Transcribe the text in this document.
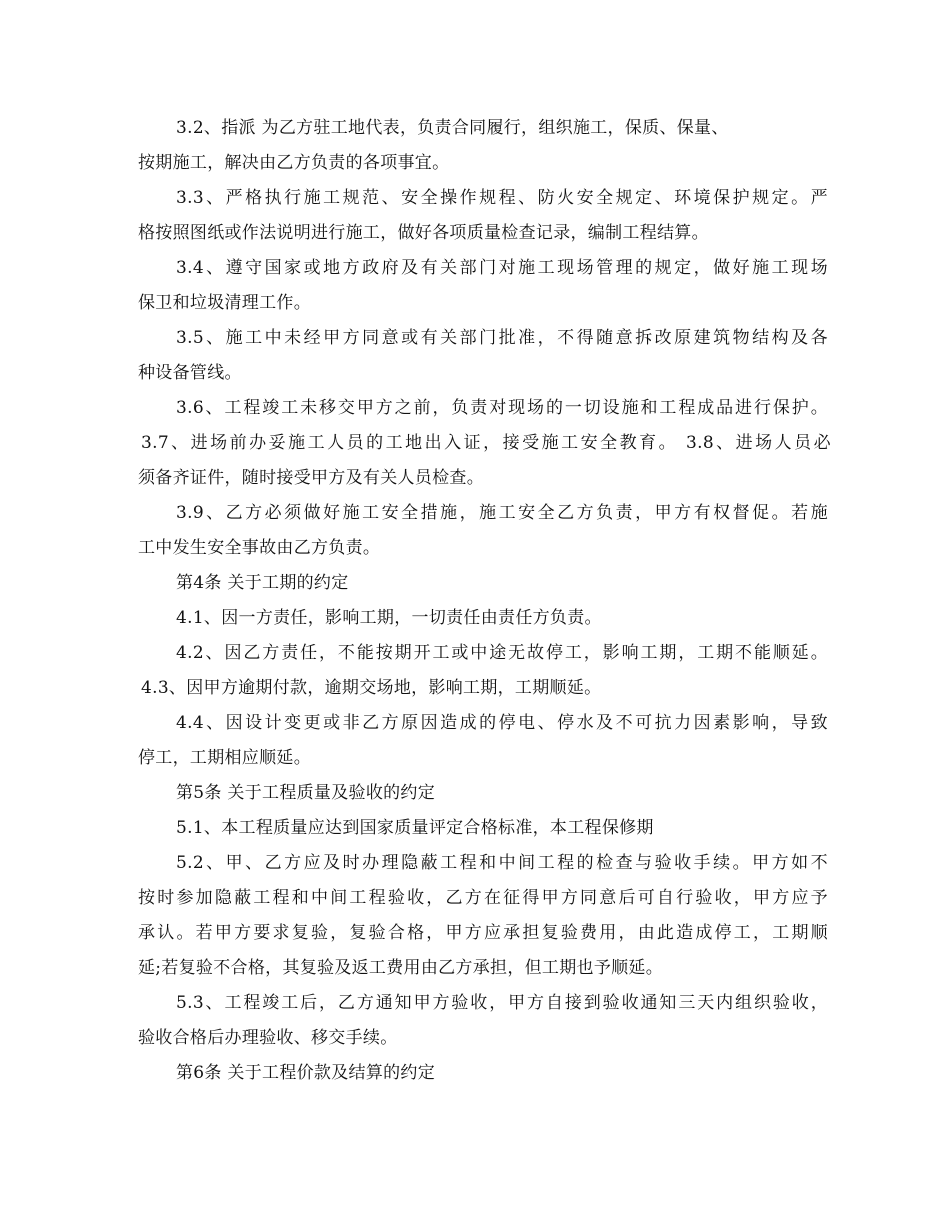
3.2、指派 为乙方驻工地代表，负责合同履行，组织施工，保质、保量、
按期施工，解决由乙方负责的各项事宜。
3.3、严格执行施工规范、安全操作规程、防火安全规定、环境保护规定。严
格按照图纸或作法说明进行施工，做好各项质量检查记录，编制工程结算。
3.4、遵守国家或地方政府及有关部门对施工现场管理的规定，做好施工现场
保卫和垃圾清理工作。
3.5、施工中未经甲方同意或有关部门批准，不得随意拆改原建筑物结构及各
种设备管线。
3.6、工程竣工未移交甲方之前，负责对现场的一切设施和工程成品进行保护。
3.7、进场前办妥施工人员的工地出入证，接受施工安全教育。 3.8、进场人员必
须备齐证件，随时接受甲方及有关人员检查。
3.9、乙方必须做好施工安全措施，施工安全乙方负责，甲方有权督促。若施
工中发生安全事故由乙方负责。
第4条 关于工期的约定
4.1、因一方责任，影响工期，一切责任由责任方负责。
4.2、因乙方责任，不能按期开工或中途无故停工，影响工期，工期不能顺延。
4.3、因甲方逾期付款，逾期交场地，影响工期，工期顺延。
4.4、因设计变更或非乙方原因造成的停电、停水及不可抗力因素影响，导致
停工，工期相应顺延。
第5条 关于工程质量及验收的约定
5.1、本工程质量应达到国家质量评定合格标准，本工程保修期
5.2、甲、乙方应及时办理隐蔽工程和中间工程的检查与验收手续。甲方如不
按时参加隐蔽工程和中间工程验收，乙方在征得甲方同意后可自行验收，甲方应予
承认。若甲方要求复验，复验合格，甲方应承担复验费用，由此造成停工，工期顺
延;若复验不合格，其复验及返工费用由乙方承担，但工期也予顺延。
5.3、工程竣工后，乙方通知甲方验收，甲方自接到验收通知三天内组织验收，
验收合格后办理验收、移交手续。
第6条 关于工程价款及结算的约定
